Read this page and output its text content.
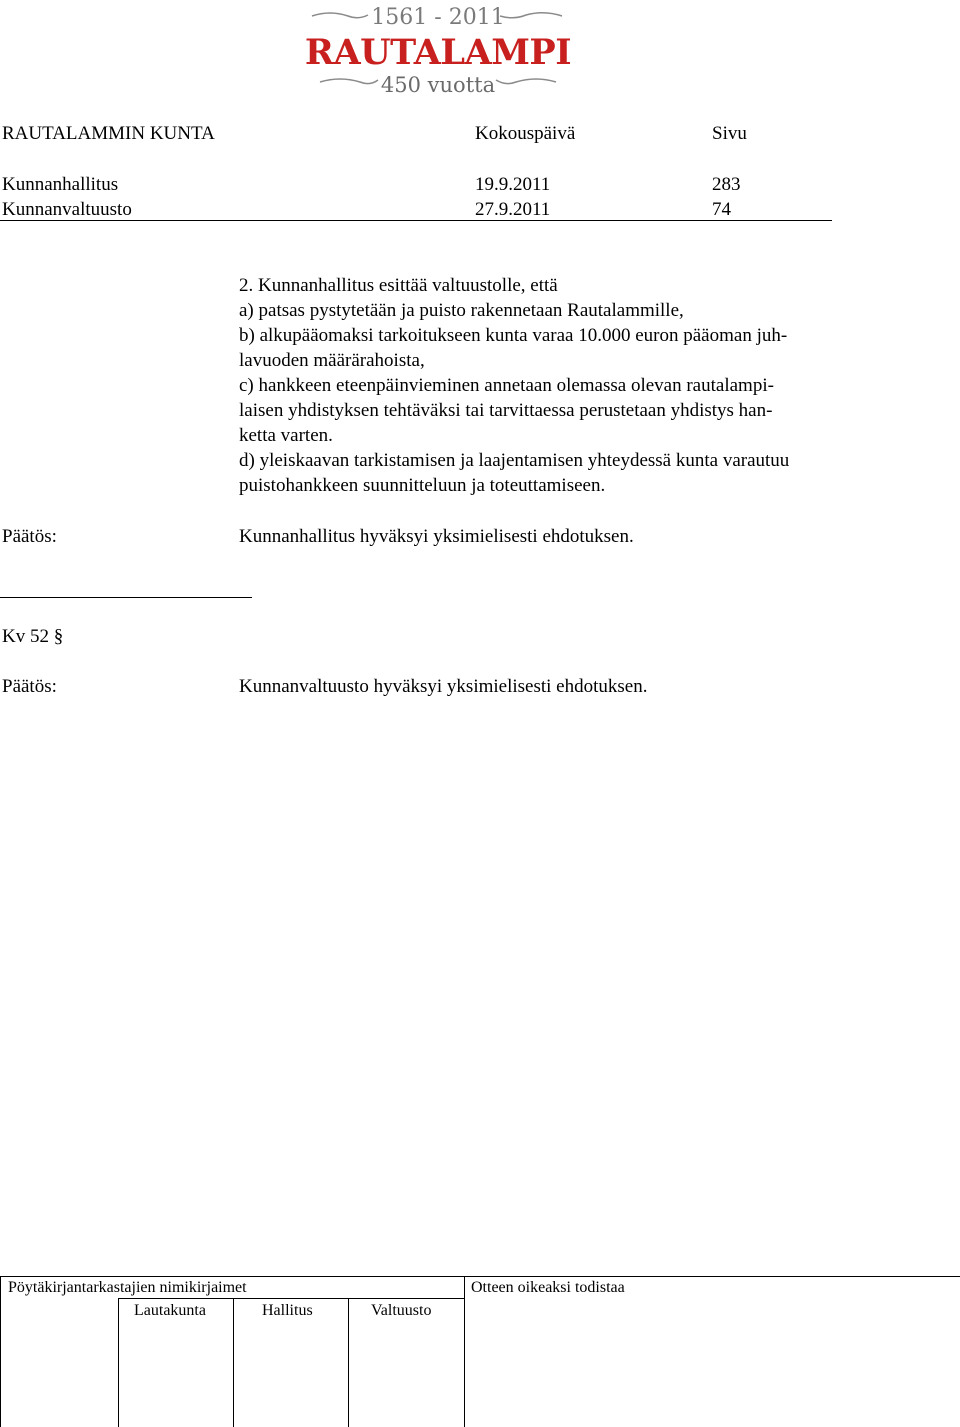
1561 - 2011
RAUTALAMPI
450 vuotta
RAUTALAMMIN KUNTA	Kokouspäivä	Sivu
Kunnanhallitus	19.9.2011	283
Kunnanvaltuusto	27.9.2011	74
2. Kunnanhallitus esittää valtuustolle, että
a) patsas pystytetään ja puisto rakennetaan Rautalammille,
b) alkupääomaksi tarkoitukseen kunta varaa 10.000 euron pääoman juh-
lavuoden määrärahoista,
c) hankkeen eteenpäinvieminen annetaan olemassa olevan rautalampi-
laisen yhdistyksen tehtäväksi tai tarvittaessa perustetaan yhdistys han-
ketta varten.
d) yleiskaavan tarkistamisen ja laajentamisen yhteydessä kunta varautuu
puistohankkeen suunnitteluun ja toteuttamiseen.
Päätös:	Kunnanhallitus hyväksyi yksimielisesti ehdotuksen.
Kv 52 §
Päätös:	Kunnanvaltuusto hyväksyi yksimielisesti ehdotuksen.
Pöytäkirjantarkastajien nimikirjaimet
Lautakunta	Hallitus	Valtuusto
Otteen oikeaksi todistaa
